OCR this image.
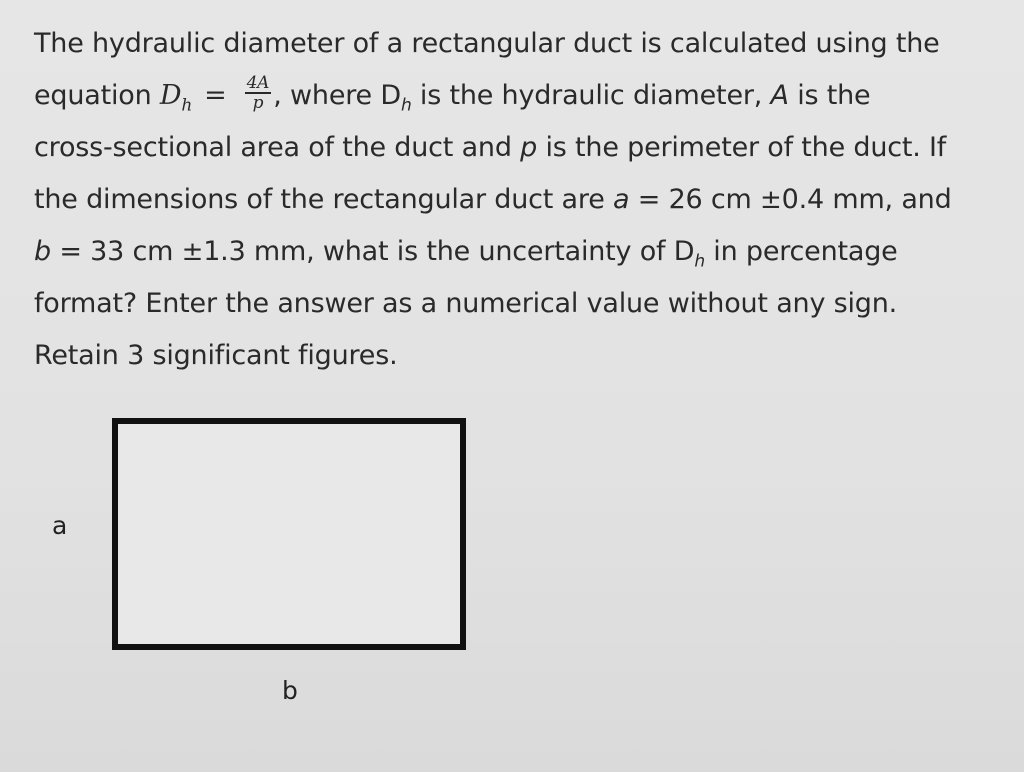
The hydraulic diameter of a rectangular duct is calculated using the
equation $D_h = \frac{4A}{p}$ , where $D_h$ is the hydraulic diameter, A is the
cross-sectional area of the duct and p is the perimeter of the duct. If
the dimensions of the rectangular duct are a = 26 cm ±0.4 mm, and
b = 33 cm ±1.3 mm, what is the uncertainty of $D_h$ in percentage
format? Enter the answer as a numerical value without any sign.
Retain 3 significant figures.
a
b
